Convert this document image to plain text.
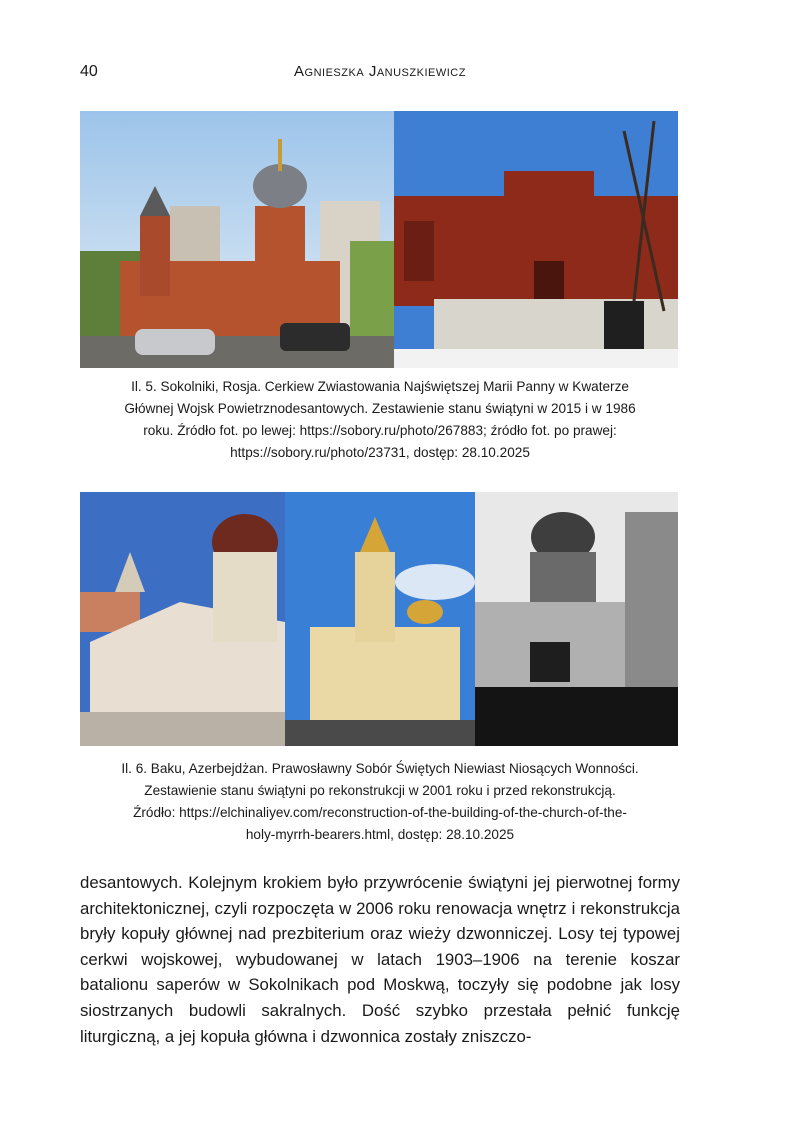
40	Agnieszka Januszkiewicz

Il. 5. Sokolniki, Rosja. Cerkiew Zwiastowania Najświętszej Marii Panny w Kwaterze

Głównej Wojsk Powietrznodesantowych. Zestawienie stanu świątyni w 2015 i w 1986

roku. Źródło fot. po lewej: https://sobory.ru/photo/267883; źródło fot. po prawej:

https://sobory.ru/photo/23731, dostęp: 28.10.2025

Il. 6. Baku, Azerbejdżan. Prawosławny Sobór Świętych Niewiast Niosących Wonności.

Zestawienie stanu świątyni po rekonstrukcji w 2001 roku i przed rekonstrukcją.

Źródło: https://elchinaliyev.com/reconstruction-of-the-building-of-the-church-of-the-

holy-myrrh-bearers.html, dostęp: 28.10.2025

desantowych. Kolejnym krokiem było przywrócenie świątyni jej pierwotnej formy architektonicznej, czyli rozpoczęta w 2006 roku renowacja wnętrz i rekonstrukcja bryły kopuły głównej nad prezbiterium oraz wieży dzwonniczej. Losy tej typowej cerkwi wojskowej, wybudowanej w latach 1903–1906 na terenie koszar batalionu saperów w Sokolnikach pod Moskwą, toczyły się podobne jak losy siostrzanych budowli sakralnych. Dość szybko przestała pełnić funkcję liturgiczną, a jej kopuła główna i dzwonnica zostały zniszczo-
